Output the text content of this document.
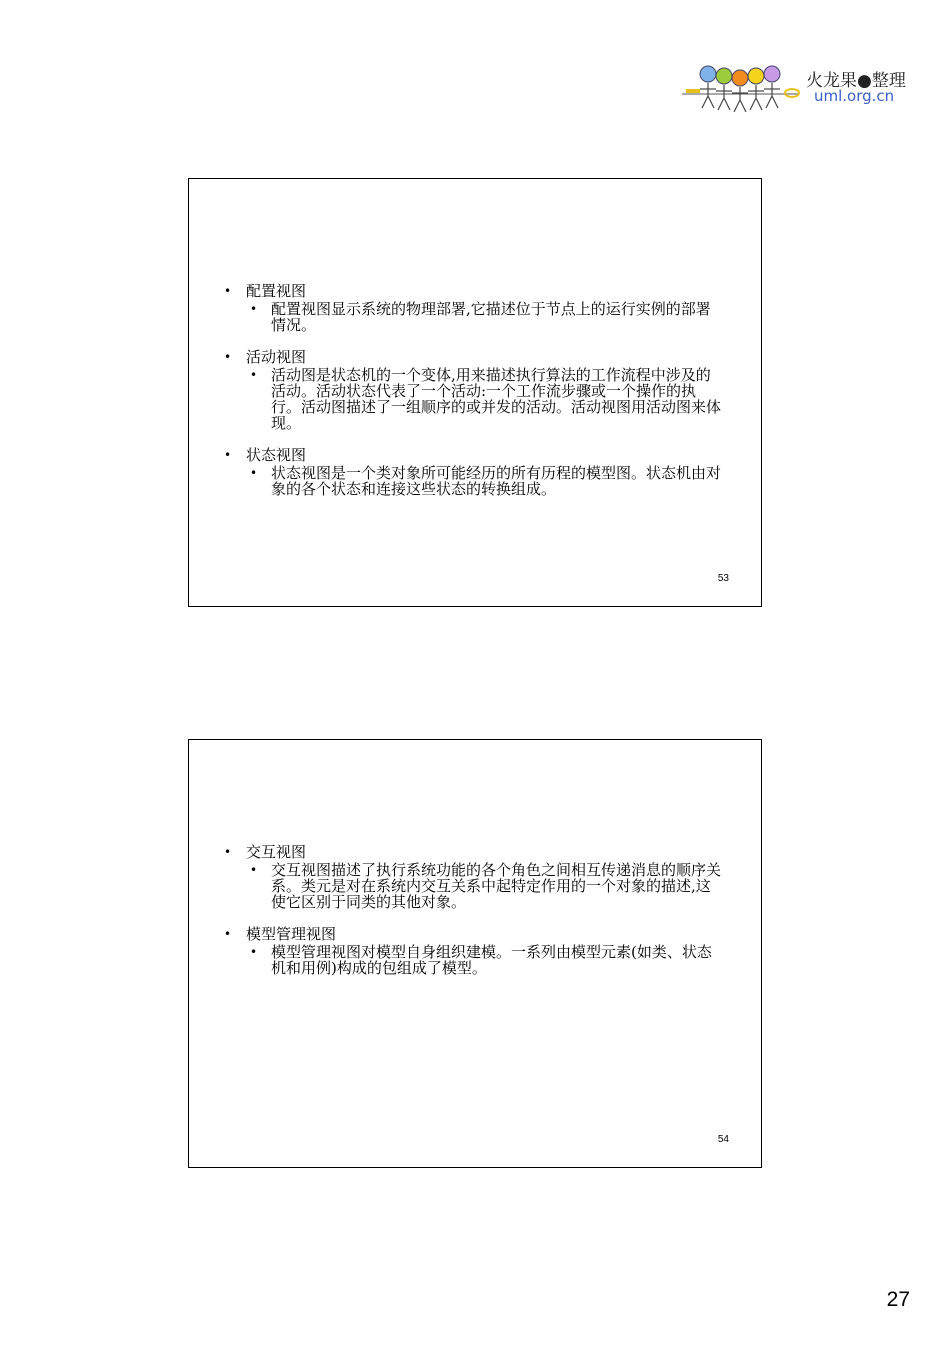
火龙果●整理
uml.org.cn
• 配置视图
• 配置视图显示系统的物理部署,它描述位于节点上的运行实例的部署情况。
• 活动视图
• 活动图是状态机的一个变体,用来描述执行算法的工作流程中涉及的活动。活动状态代表了一个活动:一个工作流步骤或一个操作的执行。活动图描述了一组顺序的或并发的活动。活动视图用活动图来体现。
• 状态视图
• 状态视图是一个类对象所可能经历的所有历程的模型图。状态机由对象的各个状态和连接这些状态的转换组成。
53
• 交互视图
• 交互视图描述了执行系统功能的各个角色之间相互传递消息的顺序关系。类元是对在系统内交互关系中起特定作用的一个对象的描述,这使它区别于同类的其他对象。
• 模型管理视图
• 模型管理视图对模型自身组织建模。一系列由模型元素(如类、状态机和用例)构成的包组成了模型。
54
27
